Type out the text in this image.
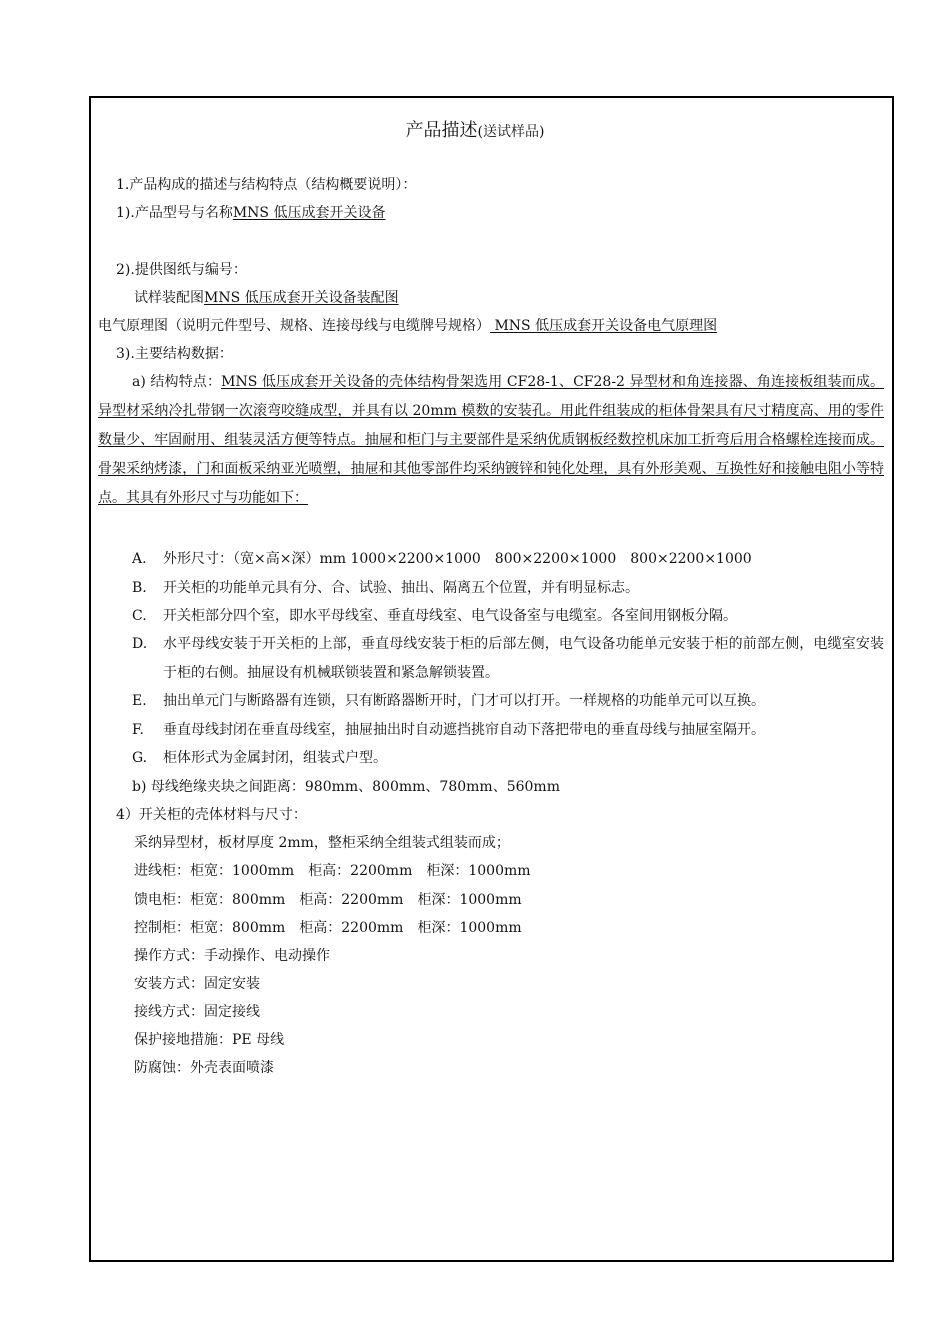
产品描述(送试样品)
1.产品构成的描述与结构特点（结构概要说明）：
1).产品型号与名称MNS 低压成套开关设备
2).提供图纸与编号：
试样装配图MNS 低压成套开关设备装配图
电气原理图（说明元件型号、规格、连接母线与电缆牌号规格） MNS 低压成套开关设备电气原理图
3).主要结构数据：
a) 结构特点：MNS 低压成套开关设备的壳体结构骨架选用 CF28-1、CF28-2 异型材和角连接器、角连接板组装而成。异型材采纳冷扎带钢一次滚弯咬缝成型，并具有以 20mm 模数的安装孔。用此件组装成的柜体骨架具有尺寸精度高、用的零件数量少、牢固耐用、组装灵活方便等特点。抽屉和柜门与主要部件是采纳优质钢板经数控机床加工折弯后用合格螺栓连接而成。骨架采纳烤漆，门和面板采纳亚光喷塑，抽屉和其他零部件均采纳镀锌和钝化处理，具有外形美观、互换性好和接触电阻小等特点。其具有外形尺寸与功能如下：
A.	外形尺寸：（宽×高×深）mm 1000×2200×1000　800×2200×1000　800×2200×1000
B.	开关柜的功能单元具有分、合、试验、抽出、隔离五个位置，并有明显标志。
C.	开关柜部分四个室，即水平母线室、垂直母线室、电气设备室与电缆室。各室间用钢板分隔。
D.	水平母线安装于开关柜的上部，垂直母线安装于柜的后部左侧，电气设备功能单元安装于柜的前部左侧，电缆室安装于柜的右侧。抽屉设有机械联锁装置和紧急解锁装置。
E.	抽出单元门与断路器有连锁，只有断路器断开时，门才可以打开。一样规格的功能单元可以互换。
F.	垂直母线封闭在垂直母线室，抽屉抽出时自动遮挡挑帘自动下落把带电的垂直母线与抽屉室隔开。
G.	柜体形式为金属封闭，组装式户型。
b) 母线绝缘夹块之间距离：980mm、800mm、780mm、560mm
4）开关柜的壳体材料与尺寸：
采纳异型材，板材厚度 2mm，整柜采纳全组装式组装而成；
进线柜：柜宽：1000mm　柜高：2200mm　柜深：1000mm
馈电柜：柜宽：800mm　柜高：2200mm　柜深：1000mm
控制柜：柜宽：800mm　柜高：2200mm　柜深：1000mm
操作方式：手动操作、电动操作
安装方式：固定安装
接线方式：固定接线
保护接地措施：PE 母线
防腐蚀：外壳表面喷漆
